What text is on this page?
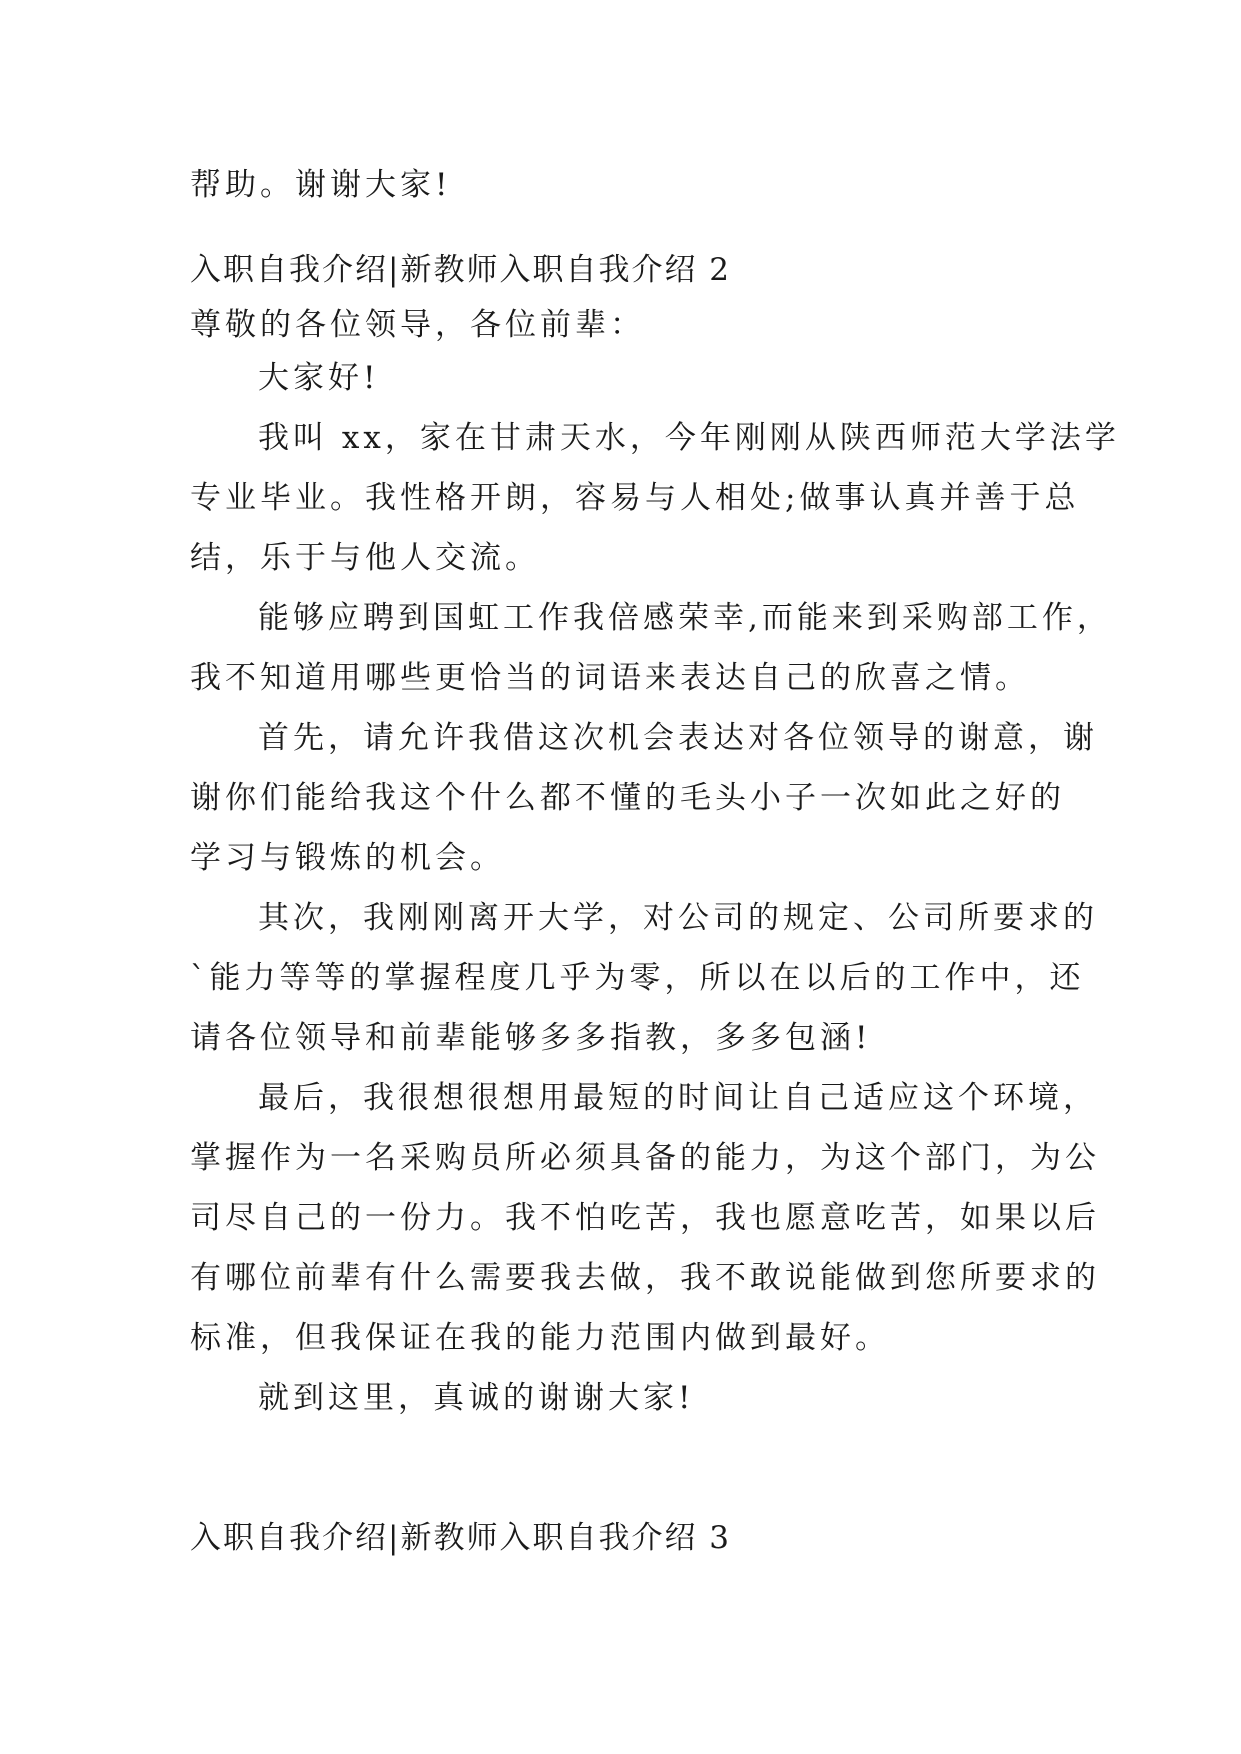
帮助。谢谢大家!
入职自我介绍|新教师入职自我介绍 2
尊敬的各位领导，各位前辈：
大家好!
我叫 xx，家在甘肃天水，今年刚刚从陕西师范大学法学
专业毕业。我性格开朗，容易与人相处;做事认真并善于总
结，乐于与他人交流。
能够应聘到国虹工作我倍感荣幸,而能来到采购部工作，
我不知道用哪些更恰当的词语来表达自己的欣喜之情。
首先，请允许我借这次机会表达对各位领导的谢意，谢
谢你们能给我这个什么都不懂的毛头小子一次如此之好的
学习与锻炼的机会。
其次，我刚刚离开大学，对公司的规定、公司所要求的
`能力等等的掌握程度几乎为零，所以在以后的工作中，还
请各位领导和前辈能够多多指教，多多包涵!
最后，我很想很想用最短的时间让自己适应这个环境，
掌握作为一名采购员所必须具备的能力，为这个部门，为公
司尽自己的一份力。我不怕吃苦，我也愿意吃苦，如果以后
有哪位前辈有什么需要我去做，我不敢说能做到您所要求的
标准，但我保证在我的能力范围内做到最好。
就到这里，真诚的谢谢大家!
入职自我介绍|新教师入职自我介绍 3
